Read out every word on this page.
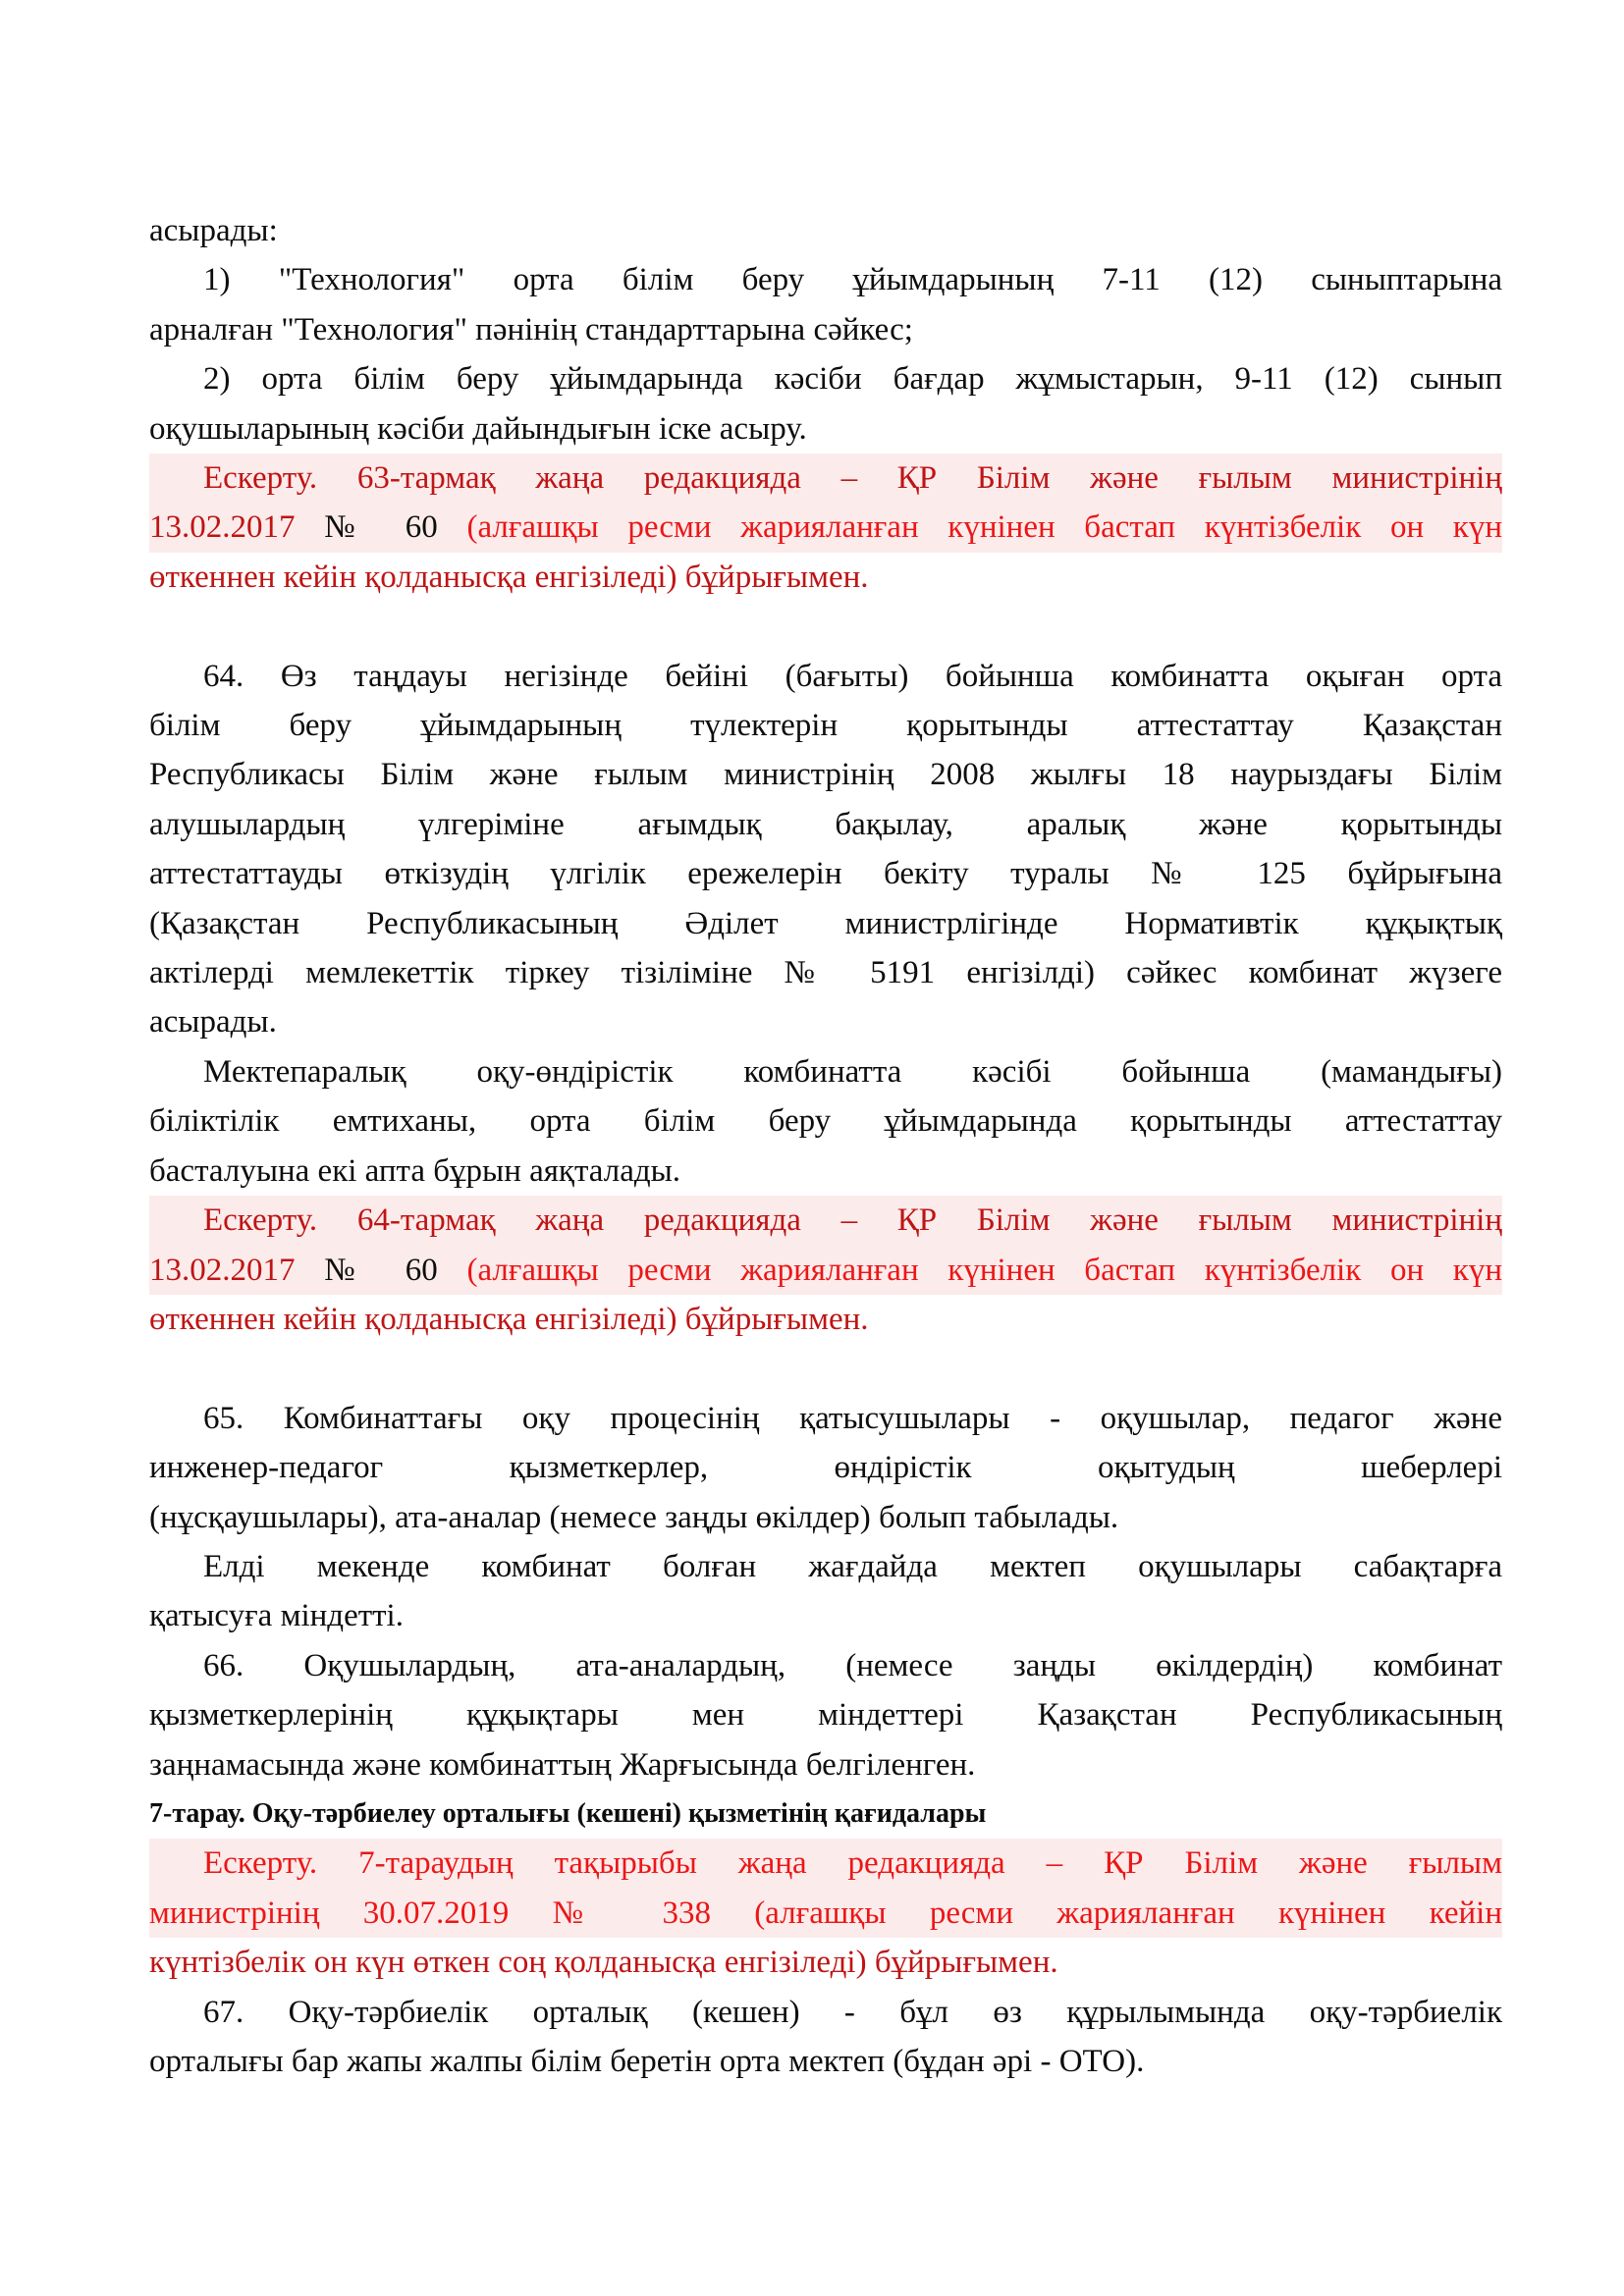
асырады:
1) "Технология" орта білім беру ұйымдарының 7-11 (12) сыныптарына
арналған "Технология" пәнінің стандарттарына сәйкес;
2) орта білім беру ұйымдарында кәсіби бағдар жұмыстарын, 9-11 (12) сынып
оқушыларының кәсіби дайындығын іске асыру.
Ескерту. 63-тармақ жаңа редакцияда – ҚР Білім және ғылым министрінің
13.02.2017 № 60 (алғашқы ресми жарияланған күнінен бастап күнтізбелік он күн
өткеннен кейін қолданысқа енгізіледі) бұйрығымен.
64. Өз таңдауы негізінде бейіні (бағыты) бойынша комбинатта оқыған орта
білім беру ұйымдарының түлектерін қорытынды аттестаттау Қазақстан
Республикасы Білім және ғылым министрінің 2008 жылғы 18 наурыздағы Білім
алушылардың үлгеріміне ағымдық бақылау, аралық және қорытынды
аттестаттауды өткізудің үлгілік ережелерін бекіту туралы № 125 бұйрығына
(Қазақстан Республикасының Әділет министрлігінде Нормативтік құқықтық
актілерді мемлекеттік тіркеу тізіліміне № 5191 енгізілді) сәйкес комбинат жүзеге
асырады.
Мектепаралық оқу-өндірістік комбинатта кәсібі бойынша (мамандығы)
біліктілік емтиханы, орта білім беру ұйымдарында қорытынды аттестаттау
басталуына екі апта бұрын аяқталады.
Ескерту. 64-тармақ жаңа редакцияда – ҚР Білім және ғылым министрінің
13.02.2017 № 60 (алғашқы ресми жарияланған күнінен бастап күнтізбелік он күн
өткеннен кейін қолданысқа енгізіледі) бұйрығымен.
65. Комбинаттағы оқу процесінің қатысушылары - оқушылар, педагог және
инженер-педагог қызметкерлер, өндірістік оқытудың шеберлері
(нұсқаушылары), ата-аналар (немесе заңды өкілдер) болып табылады.
Елді мекенде комбинат болған жағдайда мектеп оқушылары сабақтарға
қатысуға міндетті.
66. Оқушылардың, ата-аналардың, (немесе заңды өкілдердің) комбинат
қызметкерлерінің құқықтары мен міндеттері Қазақстан Республикасының
заңнамасында және комбинаттың Жарғысында белгіленген.
7-тарау. Оқу-тәрбиелеу орталығы (кешені) қызметінің қағидалары
Ескерту. 7-тараудың тақырыбы жаңа редакцияда – ҚР Білім және ғылым
министрінің 30.07.2019 № 338 (алғашқы ресми жарияланған күнінен кейін
күнтізбелік он күн өткен соң қолданысқа енгізіледі) бұйрығымен.
67. Оқу-тәрбиелік орталық (кешен) - бұл өз құрылымында оқу-тәрбиелік
орталығы бар жапы жалпы білім беретін орта мектеп (бұдан әрі - ОТО).
